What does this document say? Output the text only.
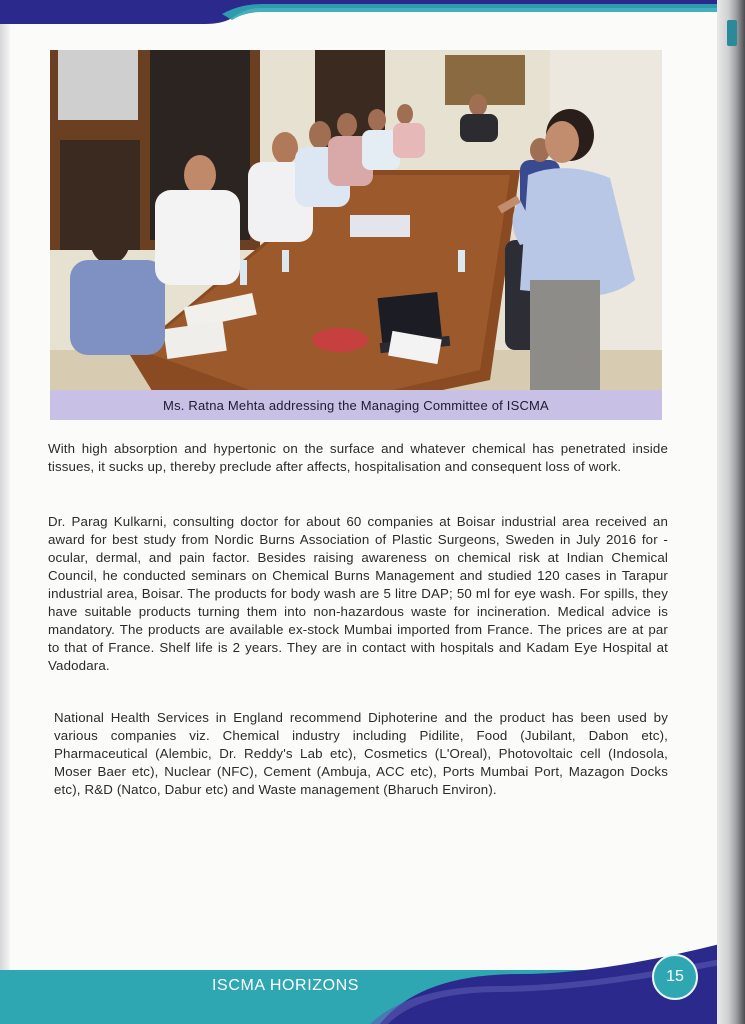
Ms. Ratna Mehta addressing the Managing Committee of ISCMA

With high absorption and hypertonic on the surface and whatever chemical has penetrated inside tissues, it sucks up, thereby preclude after affects, hospitalisation and consequent loss of work.

Dr. Parag Kulkarni, consulting doctor for about 60 companies at Boisar industrial area received an award for best study from Nordic Burns Association of Plastic Surgeons, Sweden in July 2016 for - ocular, dermal, and pain factor. Besides raising awareness on chemical risk at Indian Chemical Council, he conducted seminars on Chemical Burns Management and studied 120 cases in Tarapur industrial area, Boisar. The products for body wash are 5 litre DAP; 50 ml for eye wash. For spills, they have suitable products turning them into non-hazardous waste for incineration. Medical advice is mandatory. The products are available ex-stock Mumbai imported from France. The prices are at par to that of France. Shelf life is 2 years. They are in contact with hospitals and Kadam Eye Hospital at Vadodara.

National Health Services in England recommend Diphoterine and the product has been used by various companies viz. Chemical industry including Pidilite, Food (Jubilant, Dabon etc), Pharmaceutical (Alembic, Dr. Reddy's Lab etc), Cosmetics (L'Oreal), Photovoltaic cell (Indosola, Moser Baer etc), Nuclear (NFC), Cement (Ambuja, ACC etc), Ports Mumbai Port, Mazagon Docks etc), R&D (Natco, Dabur etc) and Waste management (Bharuch Environ).

ISCMA HORIZONS
15
